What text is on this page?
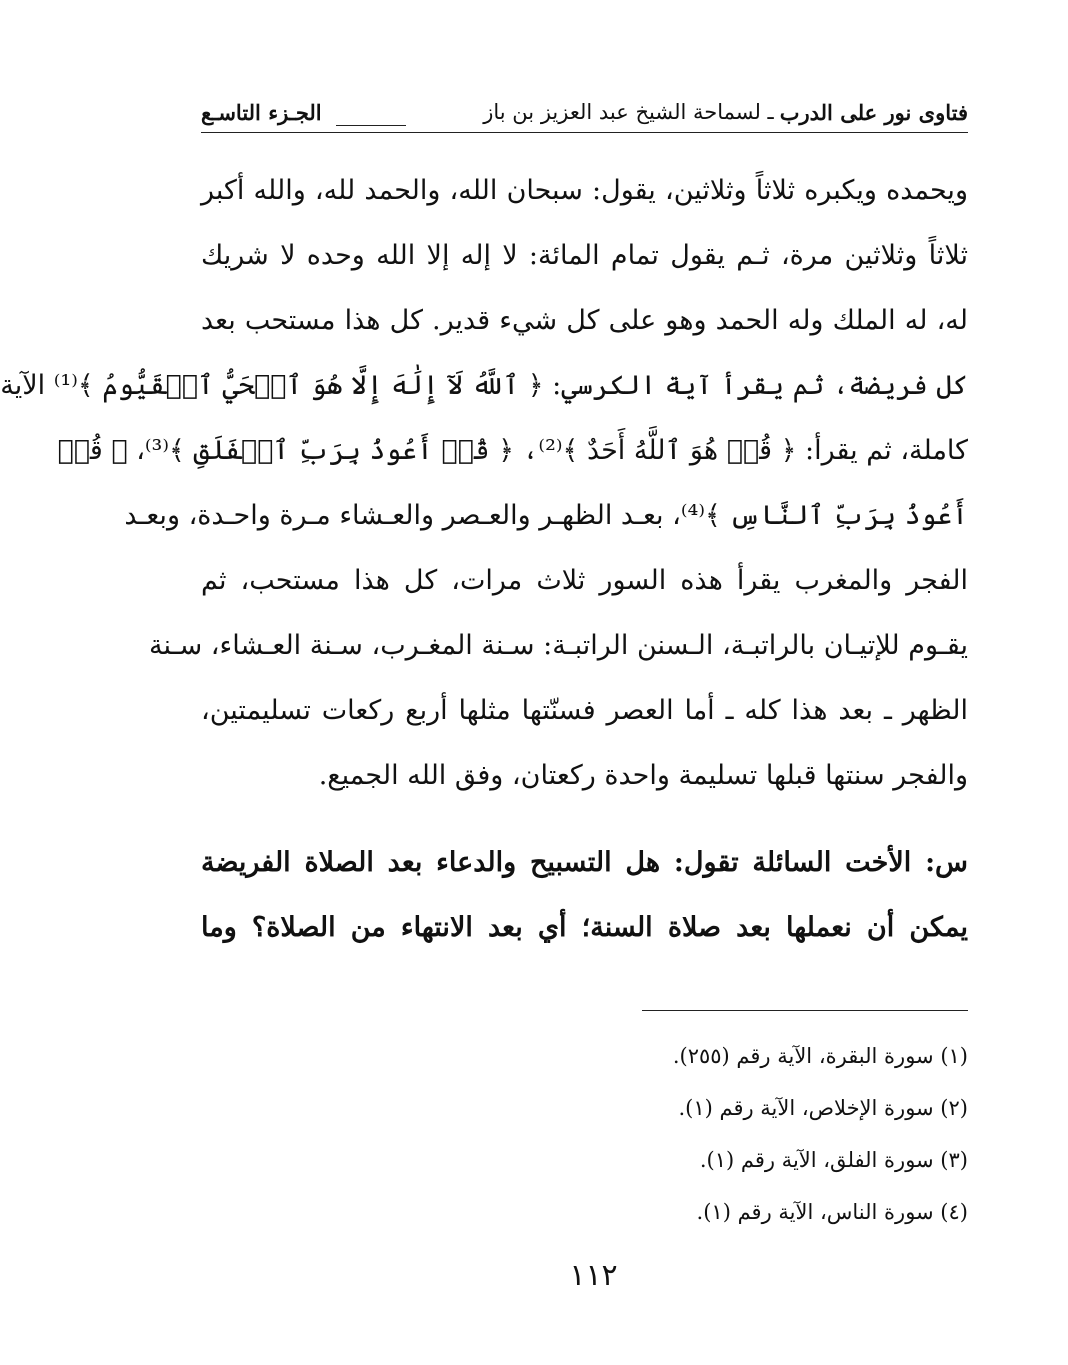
فتاوى نور على الدرب
ـ لسماحة الشيخ عبد العزيز بن باز
الجـزء التاسـع
ويحمده ويكبره ثلاثاً وثلاثين، يقول: سبحان الله، والحمد لله، والله أكبر
ثلاثاً وثلاثين مرة، ثـم يقول تمام المائة: لا إله إلا الله وحده لا شريك
له، له الملك وله الحمد وهو على كل شيء قدير. كل هذا مستحب بعد
كل فريضة، ثم يقرأ آية الكرسي: ﴿ ٱللَّهُ لَآ إِلَٰهَ إِلَّا هُوَ ٱلۡحَيُّ ٱلۡقَيُّومُ ﴾⁽¹⁾ الآية
كاملة، ثم يقرأ: ﴿ قُلۡ هُوَ ٱللَّهُ أَحَدٌ ﴾⁽²⁾، ﴿ قُلۡ أَعُوذُ بِرَبِّ ٱلۡفَلَقِ ﴾⁽³⁾، ﴿ قُلۡ
أَعُوذُ بِرَبِّ ٱلنَّاسِ ﴾⁽⁴⁾، بعـد الظهـر والعـصر والعـشاء مـرة واحـدة، وبعـد
الفجر والمغرب يقرأ هذه السور ثلاث مرات، كل هذا مستحب، ثم
يقـوم للإتيـان بالراتبـة، الـسنن الراتبـة: سـنة المغـرب، سـنة العـشاء، سـنة
الظهر ـ بعد هذا كله ـ أما العصر فسنّتها مثلها أربع ركعات تسليمتين،
والفجر سنتها قبلها تسليمة واحدة ركعتان، وفق الله الجميع.
س: الأخت السائلة تقول: هل التسبيح والدعاء بعد الصلاة الفريضة
يمكن أن نعملها بعد صلاة السنة؛ أي بعد الانتهاء من الصلاة؟ وما
(١) سورة البقرة، الآية رقم (٢٥٥).
(٢) سورة الإخلاص، الآية رقم (١).
(٣) سورة الفلق، الآية رقم (١).
(٤) سورة الناس، الآية رقم (١).
١١٢
